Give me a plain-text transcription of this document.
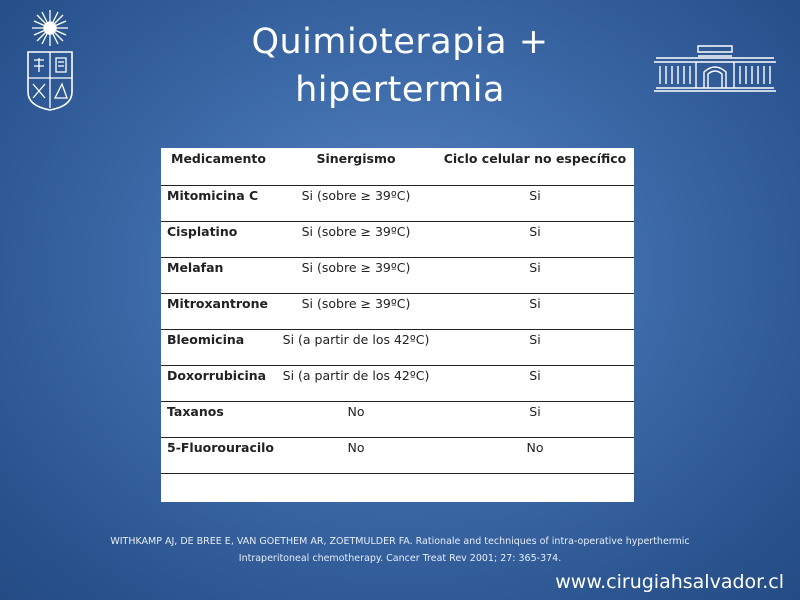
Quimioterapia +
hipertermia
Medicamento	Sinergismo	Ciclo celular no específico
Mitomicina C	Si (sobre ≥ 39ºC)	Si
Cisplatino	Si (sobre ≥ 39ºC)	Si
Melafan	Si (sobre ≥ 39ºC)	Si
Mitroxantrone	Si (sobre ≥ 39ºC)	Si
Bleomicina	Si (a partir de los 42ºC)	Si
Doxorrubicina	Si (a partir de los 42ºC)	Si
Taxanos	No	Si
5-Fluorouracilo	No	No
WITHKAMP AJ, DE BREE E, VAN GOETHEM AR, ZOETMULDER FA. Rationale and techniques of intra-operative hyperthermic
Intraperitoneal chemotherapy. Cancer Treat Rev 2001; 27: 365-374.
www.cirugiahsalvador.cl
